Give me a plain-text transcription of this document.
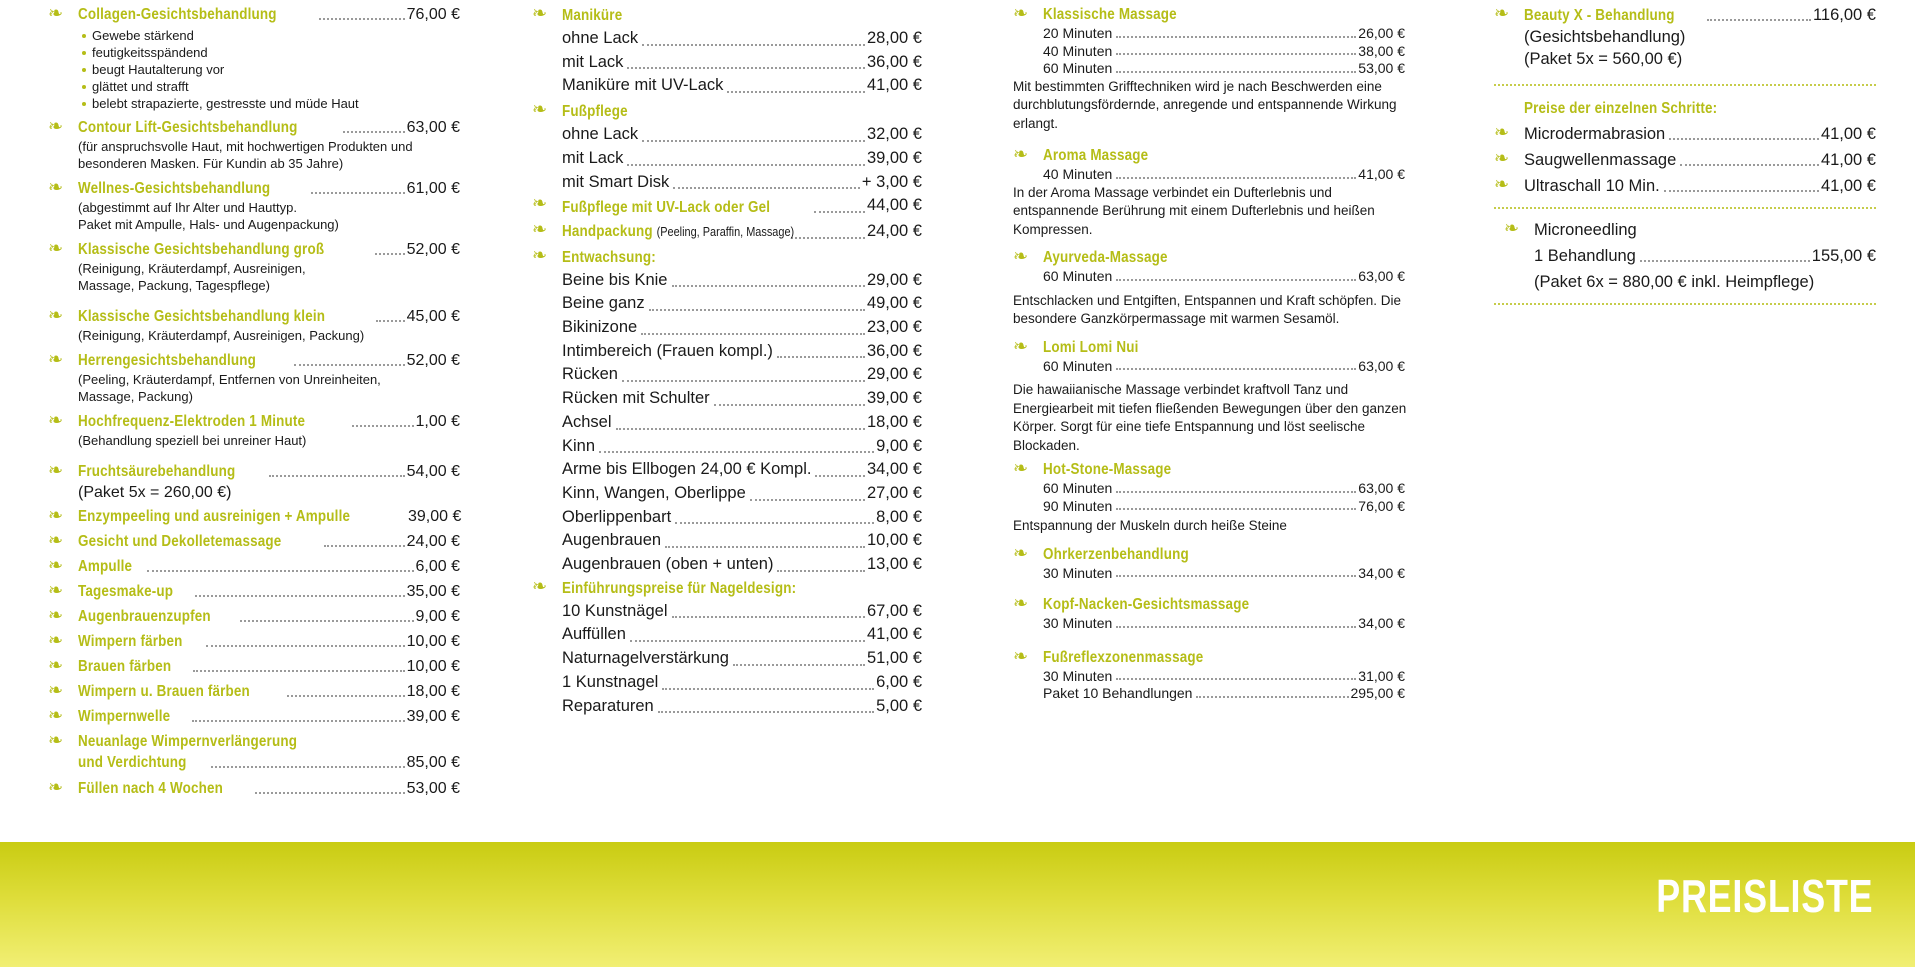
❧ Collagen-Gesichtsbehandlung	76,00 €
Gewebe stärkend
feutigkeitsspändend
beugt Hautalterung vor
glättet und strafft
belebt strapazierte, gestresste und müde Haut
❧ Contour Lift-Gesichtsbehandlung	63,00 €
(für anspruchsvolle Haut, mit hochwertigen Produkten und besonderen Masken. Für Kundin ab 35 Jahre)
❧ Wellnes-Gesichtsbehandlung	61,00 €
(abgestimmt auf Ihr Alter und Hauttyp.
Paket mit Ampulle, Hals- und Augenpackung)
❧ Klassische Gesichtsbehandlung groß	52,00 €
(Reinigung, Kräuterdampf, Ausreinigen, Massage, Packung, Tagespflege)
❧ Klassische Gesichtsbehandlung klein	45,00 €
(Reinigung, Kräuterdampf, Ausreinigen, Packung)
❧ Herrengesichtsbehandlung	52,00 €
(Peeling, Kräuterdampf, Entfernen von Unreinheiten, Massage, Packung)
❧ Hochfrequenz-Elektroden 1 Minute	1,00 €
(Behandlung speziell bei unreiner Haut)
❧ Fruchtsäurebehandlung	54,00 €
(Paket 5x = 260,00 €)
❧ Enzympeeling und ausreinigen + Ampulle	39,00 €
❧ Gesicht und Dekolletemassage	24,00 €
❧ Ampulle	6,00 €
❧ Tagesmake-up	35,00 €
❧ Augenbrauenzupfen	9,00 €
❧ Wimpern färben	10,00 €
❧ Brauen färben	10,00 €
❧ Wimpern u. Brauen färben	18,00 €
❧ Wimpernwelle	39,00 €
❧ Neuanlage Wimpernverlängerung
und Verdichtung	85,00 €
❧ Füllen nach 4 Wochen	53,00 €
❧ Maniküre
ohne Lack	28,00 €
mit Lack	36,00 €
Maniküre mit UV-Lack	41,00 €
❧ Fußpflege
ohne Lack	32,00 €
mit Lack	39,00 €
mit Smart Disk	+ 3,00 €
❧ Fußpflege mit UV-Lack oder Gel	44,00 €
❧ Handpackung (Peeling, Paraffin, Massage)	24,00 €
❧ Entwachsung:
Beine bis Knie	29,00 €
Beine ganz	49,00 €
Bikinizone	23,00 €
Intimbereich (Frauen kompl.)	36,00 €
Rücken	29,00 €
Rücken mit Schulter	39,00 €
Achsel	18,00 €
Kinn	9,00 €
Arme bis Ellbogen 24,00 € Kompl.	34,00 €
Kinn, Wangen, Oberlippe	27,00 €
Oberlippenbart	8,00 €
Augenbrauen	10,00 €
Augenbrauen (oben + unten)	13,00 €
❧ Einführungspreise für Nageldesign:
10 Kunstnägel	67,00 €
Auffüllen	41,00 €
Naturnagelverstärkung	51,00 €
1 Kunstnagel	6,00 €
Reparaturen	5,00 €
❧ Klassische Massage
20 Minuten	26,00 €
40 Minuten	38,00 €
60 Minuten	53,00 €
Mit bestimmten Grifftechniken wird je nach Beschwerden eine durchblutungsfördernde, anregende und entspannende Wirkung erlangt.
❧ Aroma Massage
40 Minuten	41,00 €
In der Aroma Massage verbindet ein Dufterlebnis und entspannende Berührung mit einem Dufterlebnis und heißen Kompressen.
❧ Ayurveda-Massage
60 Minuten	63,00 €
Entschlacken und Entgiften, Entspannen und Kraft schöpfen. Die besondere Ganzkörpermassage mit warmen Sesamöl.
❧ Lomi Lomi Nui
60 Minuten	63,00 €
Die hawaiianische Massage verbindet kraftvoll Tanz und Energiearbeit mit tiefen fließenden Bewegungen über den ganzen Körper. Sorgt für eine tiefe Entspannung und löst seelische Blockaden.
❧ Hot-Stone-Massage
60 Minuten	63,00 €
90 Minuten	76,00 €
Entspannung der Muskeln durch heiße Steine
❧ Ohrkerzenbehandlung
30 Minuten	34,00 €
❧ Kopf-Nacken-Gesichtsmassage
30 Minuten	34,00 €
❧ Fußreflexzonenmassage
30 Minuten	31,00 €
Paket 10 Behandlungen	295,00 €
❧ Beauty X - Behandlung	116,00 €
(Gesichtsbehandlung)
(Paket 5x = 560,00 €)
Preise der einzelnen Schritte:
❧ Microdermabrasion	41,00 €
❧ Saugwellenmassage	41,00 €
❧ Ultraschall 10 Min.	41,00 €
❧ Microneedling
1 Behandlung	155,00 €
(Paket 6x = 880,00 € inkl. Heimpflege)
PREISLISTE
